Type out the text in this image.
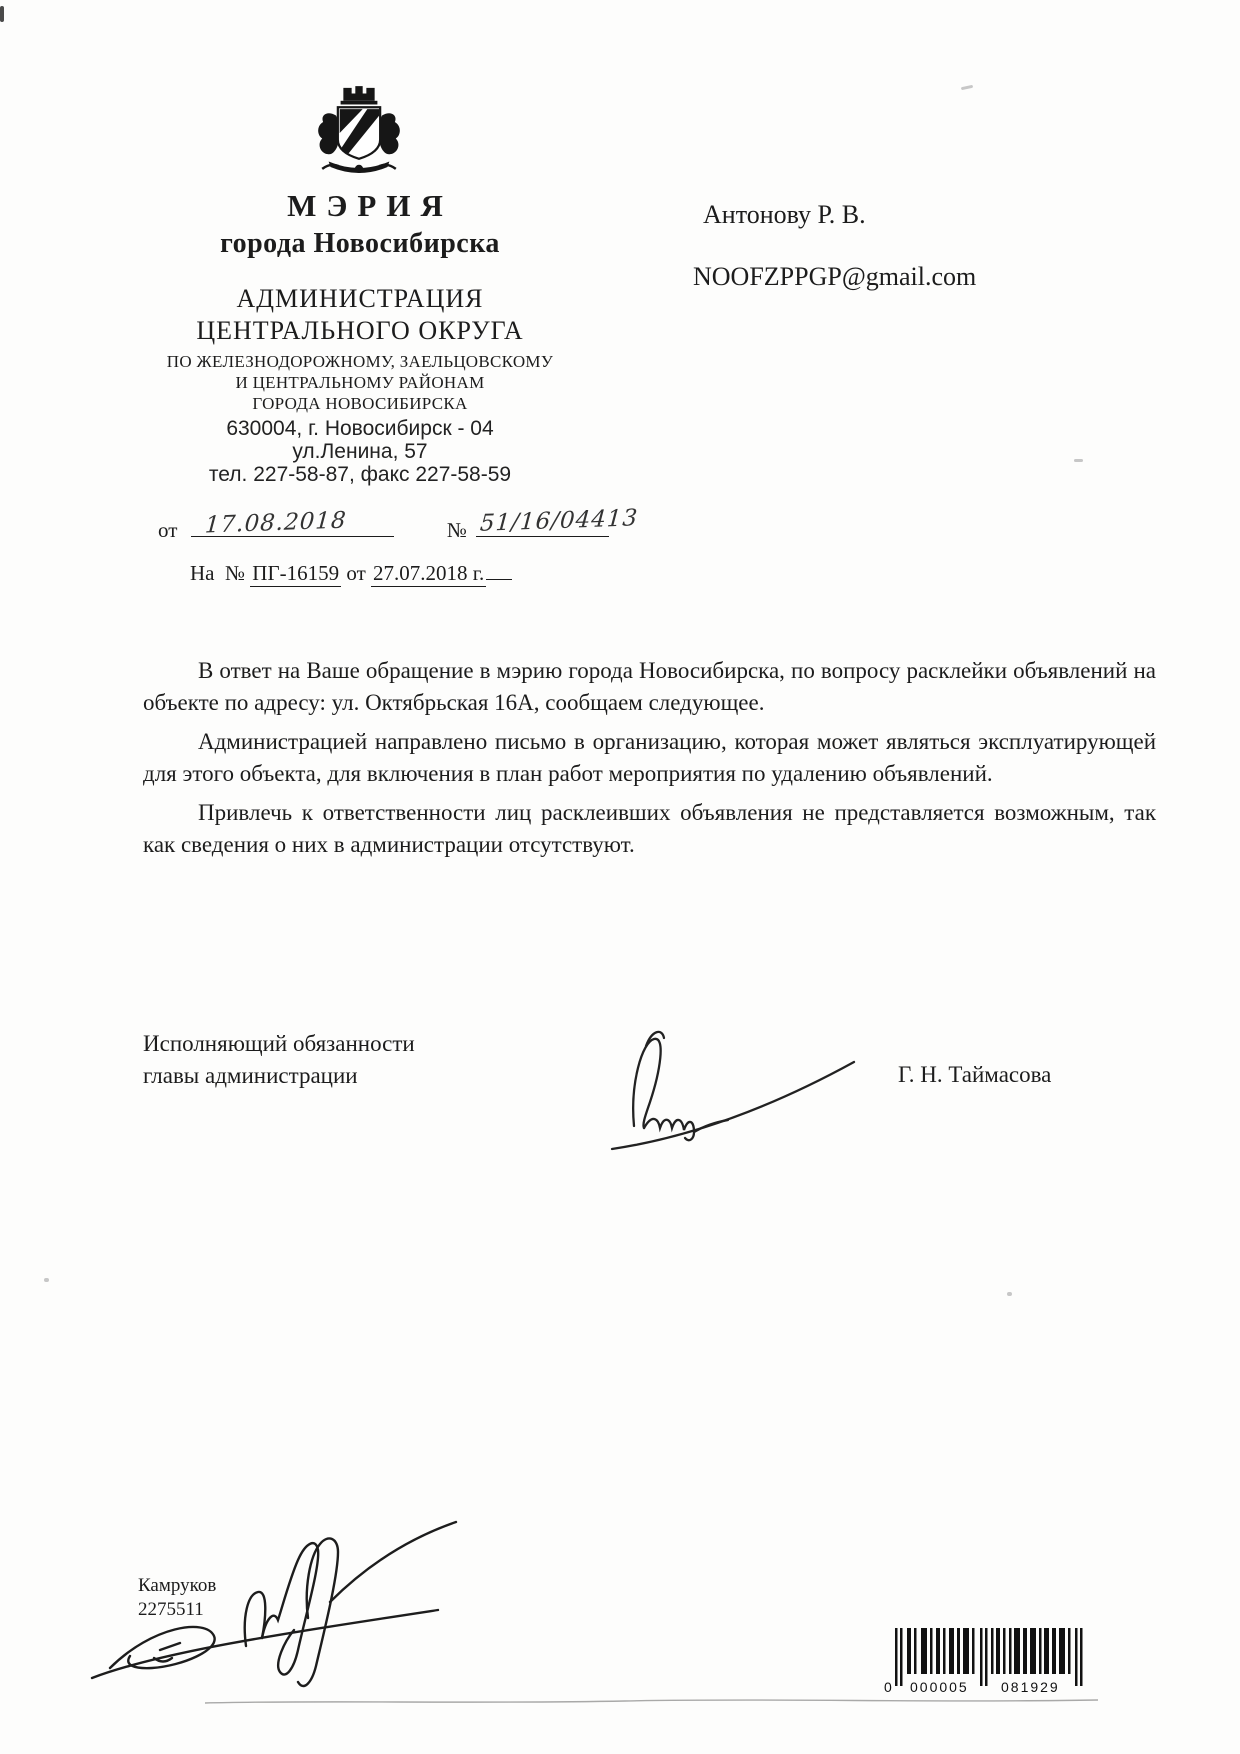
МЭРИЯ
города Новосибирска
АДМИНИСТРАЦИЯ
ЦЕНТРАЛЬНОГО ОКРУГА
ПО ЖЕЛЕЗНОДОРОЖНОМУ, ЗАЕЛЬЦОВСКОМУ
И ЦЕНТРАЛЬНОМУ РАЙОНАМ
ГОРОДА НОВОСИБИРСКА
630004, г. Новосибирск - 04
ул.Ленина, 57
тел. 227-58-87, факс 227-58-59
от 17.08.2018	№ 51/16/04413
На № ПГ-16159 от 27.07.2018 г.
Антонову Р. В.
NOOFZPPGP@gmail.com

В ответ на Ваше обращение в мэрию города Новосибирска, по вопросу расклейки объявлений на объекте по адресу: ул. Октябрьская 16А, сообщаем следующее.

Администрацией направлено письмо в организацию, которая может являться эксплуатирующей для этого объекта, для включения в план работ мероприятия по удалению объявлений.

Привлечь к ответственности лиц расклеивших объявления не представляется возможным, так как сведения о них в администрации отсутствуют.

Исполняющий обязанности
главы администрации	Г. Н. Таймасова
Камруков
2275511
0 000005 081929
